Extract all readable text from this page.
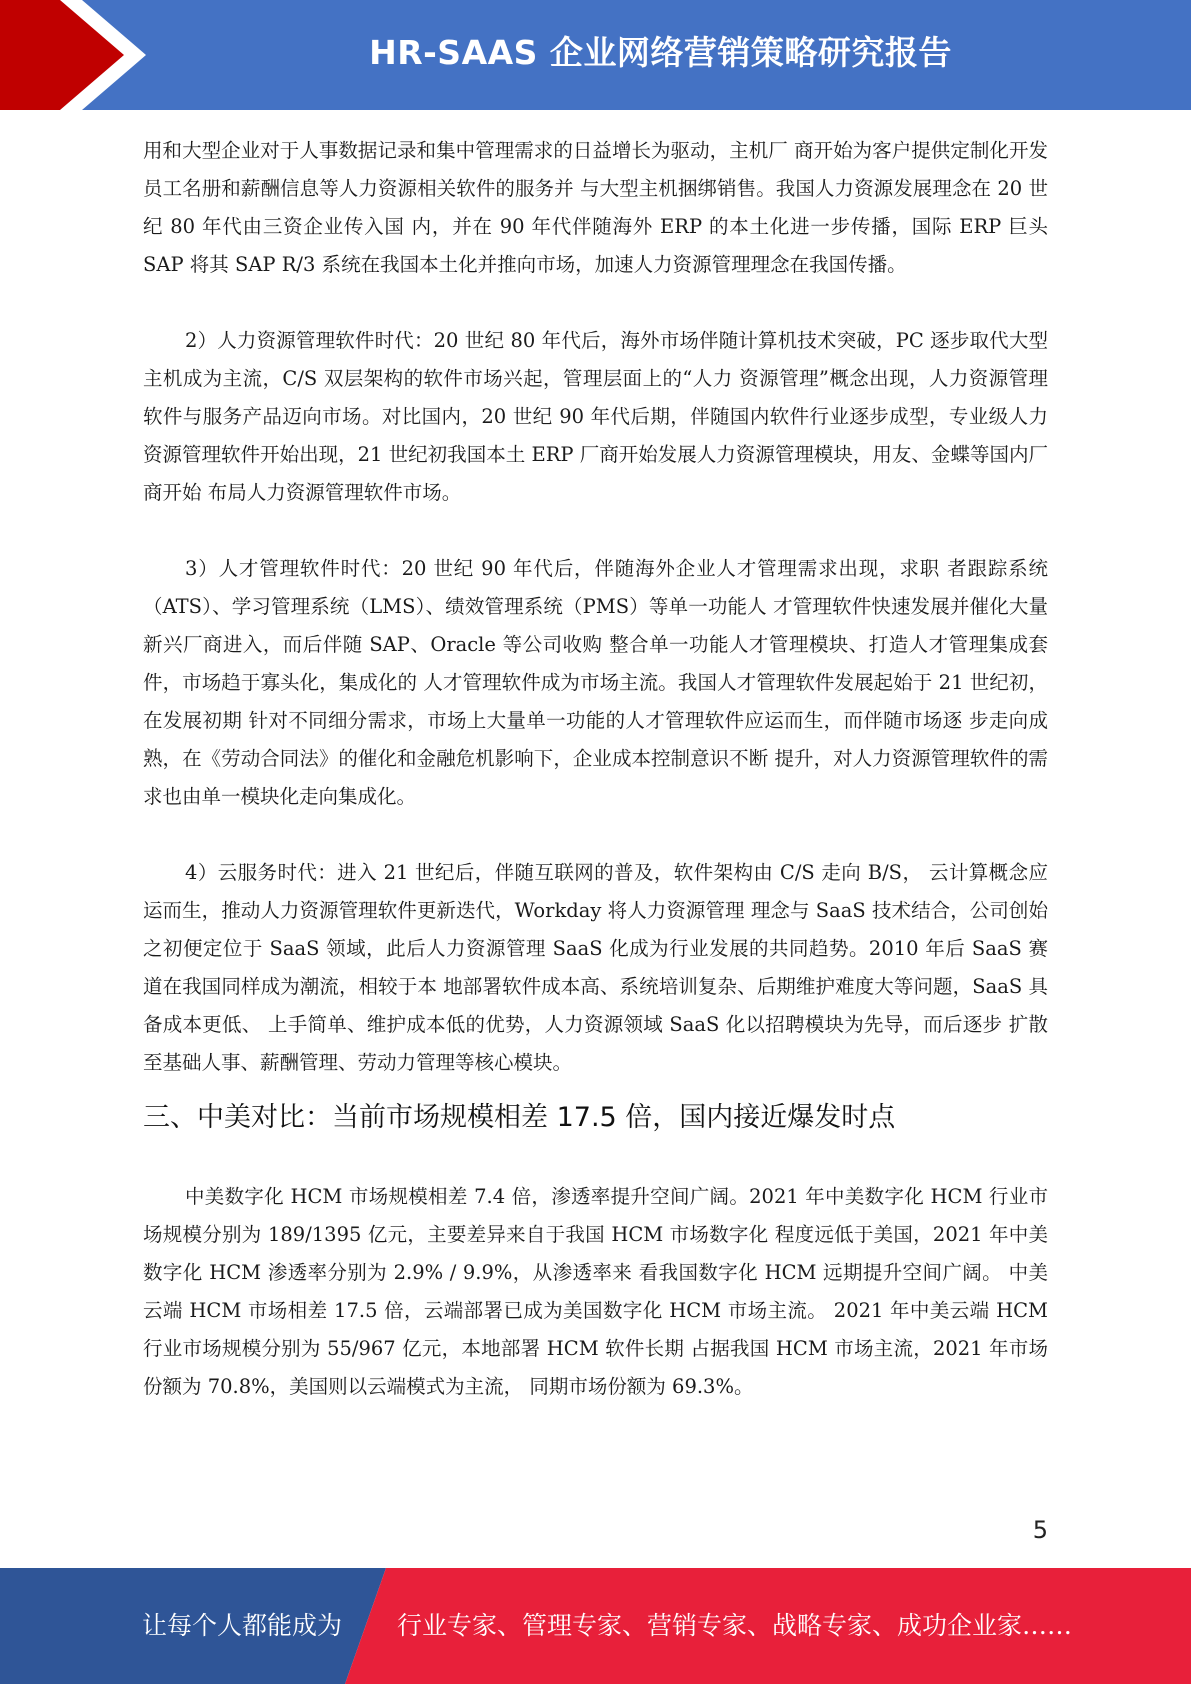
HR-SAAS 企业网络营销策略研究报告

用和大型企业对于人事数据记录和集中管理需求的日益增长为驱动，主机厂 商开始为客户提供定制化开发员工名册和薪酬信息等人力资源相关软件的服务并 与大型主机捆绑销售。我国人力资源发展理念在 20 世纪 80 年代由三资企业传入国 内，并在 90 年代伴随海外 ERP 的本土化进一步传播，国际 ERP 巨头 SAP 将其 SAP R/3 系统在我国本土化并推向市场，加速人力资源管理理念在我国传播。

2）人力资源管理软件时代：20 世纪 80 年代后，海外市场伴随计算机技术突破，PC 逐步取代大型主机成为主流，C/S 双层架构的软件市场兴起，管理层面上的“人力 资源管理”概念出现，人力资源管理软件与服务产品迈向市场。对比国内，20 世纪 90 年代后期，伴随国内软件行业逐步成型，专业级人力资源管理软件开始出现，21 世纪初我国本土 ERP 厂商开始发展人力资源管理模块，用友、金蝶等国内厂商开始 布局人力资源管理软件市场。

3）人才管理软件时代：20 世纪 90 年代后，伴随海外企业人才管理需求出现，求职 者跟踪系统（ATS）、学习管理系统（LMS）、绩效管理系统（PMS）等单一功能人 才管理软件快速发展并催化大量新兴厂商进入，而后伴随 SAP、Oracle 等公司收购 整合单一功能人才管理模块、打造人才管理集成套件，市场趋于寡头化，集成化的 人才管理软件成为市场主流。我国人才管理软件发展起始于 21 世纪初，在发展初期 针对不同细分需求，市场上大量单一功能的人才管理软件应运而生，而伴随市场逐 步走向成熟，在《劳动合同法》的催化和金融危机影响下，企业成本控制意识不断 提升，对人力资源管理软件的需求也由单一模块化走向集成化。

4）云服务时代：进入 21 世纪后，伴随互联网的普及，软件架构由 C/S 走向 B/S， 云计算概念应运而生，推动人力资源管理软件更新迭代，Workday 将人力资源管理 理念与 SaaS 技术结合，公司创始之初便定位于 SaaS 领域，此后人力资源管理 SaaS 化成为行业发展的共同趋势。2010 年后 SaaS 赛道在我国同样成为潮流，相较于本 地部署软件成本高、系统培训复杂、后期维护难度大等问题，SaaS 具备成本更低、 上手简单、维护成本低的优势，人力资源领域 SaaS 化以招聘模块为先导，而后逐步 扩散至基础人事、薪酬管理、劳动力管理等核心模块。

三、中美对比：当前市场规模相差 17.5 倍，国内接近爆发时点

中美数字化 HCM 市场规模相差 7.4 倍，渗透率提升空间广阔。2021 年中美数字化 HCM 行业市场规模分别为 189/1395 亿元，主要差异来自于我国 HCM 市场数字化 程度远低于美国，2021 年中美数字化 HCM 渗透率分别为 2.9% / 9.9%，从渗透率来 看我国数字化 HCM 远期提升空间广阔。 中美云端 HCM 市场相差 17.5 倍，云端部署已成为美国数字化 HCM 市场主流。 2021 年中美云端 HCM 行业市场规模分别为 55/967 亿元，本地部署 HCM 软件长期 占据我国 HCM 市场主流，2021 年市场份额为 70.8%，美国则以云端模式为主流， 同期市场份额为 69.3%。

5
让每个人都能成为 行业专家、管理专家、营销专家、战略专家、成功企业家……
